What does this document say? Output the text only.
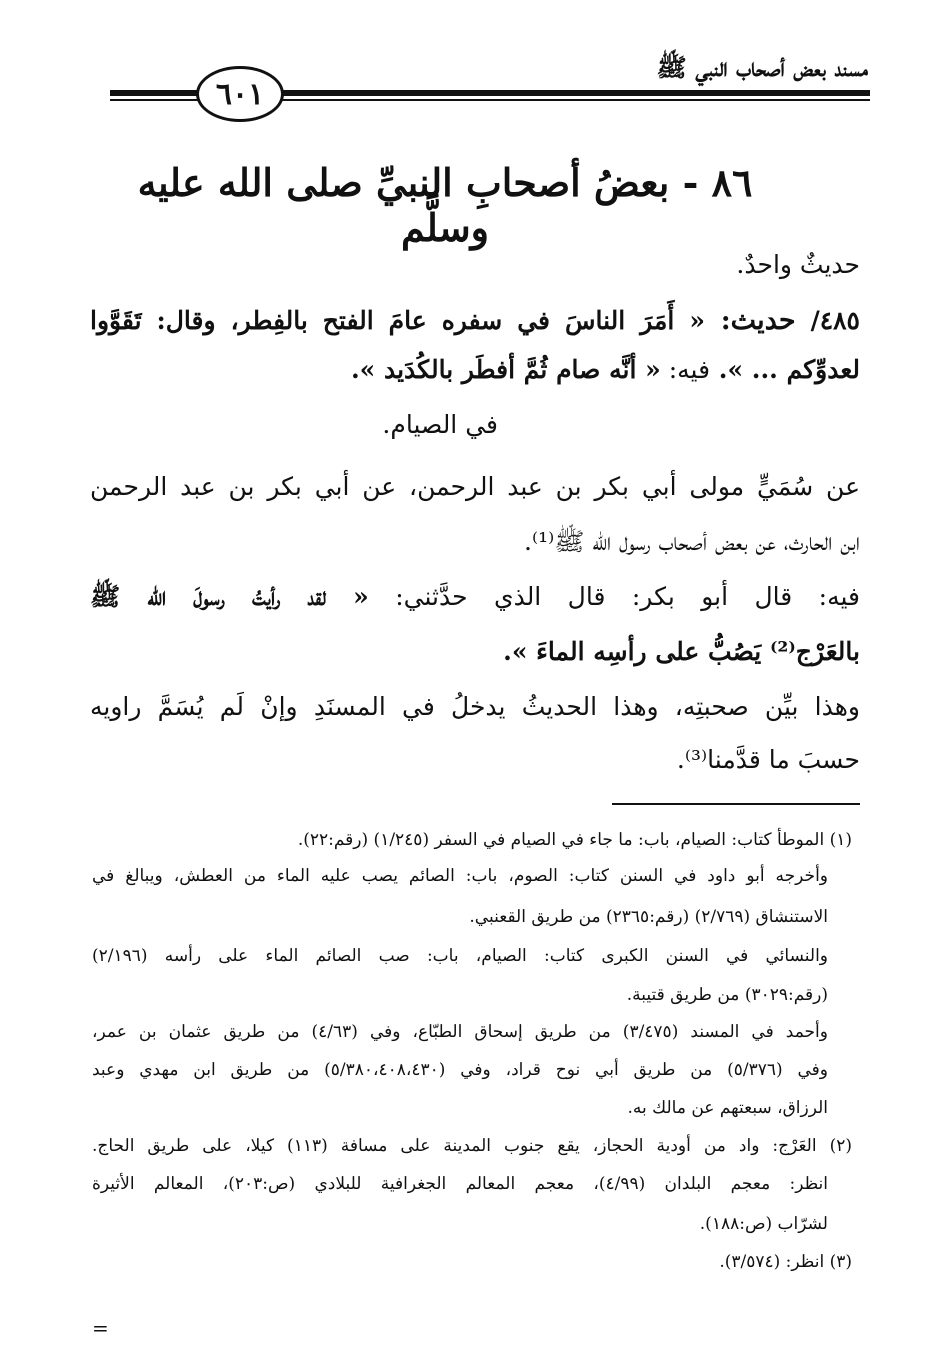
مسند بعض أصحاب النبي ﷺ
٦٠١
٨٦ - بعضُ أصحابِ النبيِّ صلى الله عليه وسلَّم
حديثٌ واحدٌ.
٤٨٥/ حديث: « أَمَرَ الناسَ في سفره عامَ الفتح بالفِطر، وقال: تَقَوَّوا
لعدوِّكم ... ». فيه: « أنَّه صام ثُمَّ أفطَر بالكُدَيد ».
في الصيام.
عن سُمَيٍّ مولى أبي بكر بن عبد الرحمن، عن أبي بكر بن عبد الرحمن
ابن الحارث، عن بعض أصحاب رسول الله ﷺ⁽¹⁾.
فيه: قال أبو بكر: قال الذي حدَّثني: « لقد رأيتُ رسولَ الله ﷺ
بالعَرْج⁽²⁾ يَصُبُّ على رأسِه الماءَ ».
وهذا بيِّن صحبتِه، وهذا الحديثُ يدخلُ في المسنَدِ وإنْ لَم يُسَمَّ راويه
حسبَ ما قدَّمنا⁽³⁾.
(١) الموطأ كتاب: الصيام، باب: ما جاء في الصيام في السفر (١/٢٤٥) (رقم:٢٢).
وأخرجه أبو داود في السنن كتاب: الصوم، باب: الصائم يصب عليه الماء من العطش، ويبالغ في
الاستنشاق (٢/٧٦٩) (رقم:٢٣٦٥) من طريق القعنبي.
والنسائي في السنن الكبرى كتاب: الصيام، باب: صب الصائم الماء على رأسه (٢/١٩٦)
(رقم:٣٠٢٩) من طريق قتيبة.
وأحمد في المسند (٣/٤٧٥) من طريق إسحاق الطبّاع، وفي (٤/٦٣) من طريق عثمان بن عمر،
وفي (٥/٣٧٦) من طريق أبي نوح قراد، وفي (٥/٣٨٠،٤٠٨،٤٣٠) من طريق ابن مهدي وعبد
الرزاق، سبعتهم عن مالك به.
(٢) العَرْج: واد من أودية الحجاز، يقع جنوب المدينة على مسافة (١١٣) كيلا، على طريق الحاج.
انظر: معجم البلدان (٤/٩٩)، معجم المعالم الجغرافية للبلادي (ص:٢٠٣)، المعالم الأثيرة
لشرّاب (ص:١٨٨).
(٣) انظر: (٣/٥٧٤).
=
